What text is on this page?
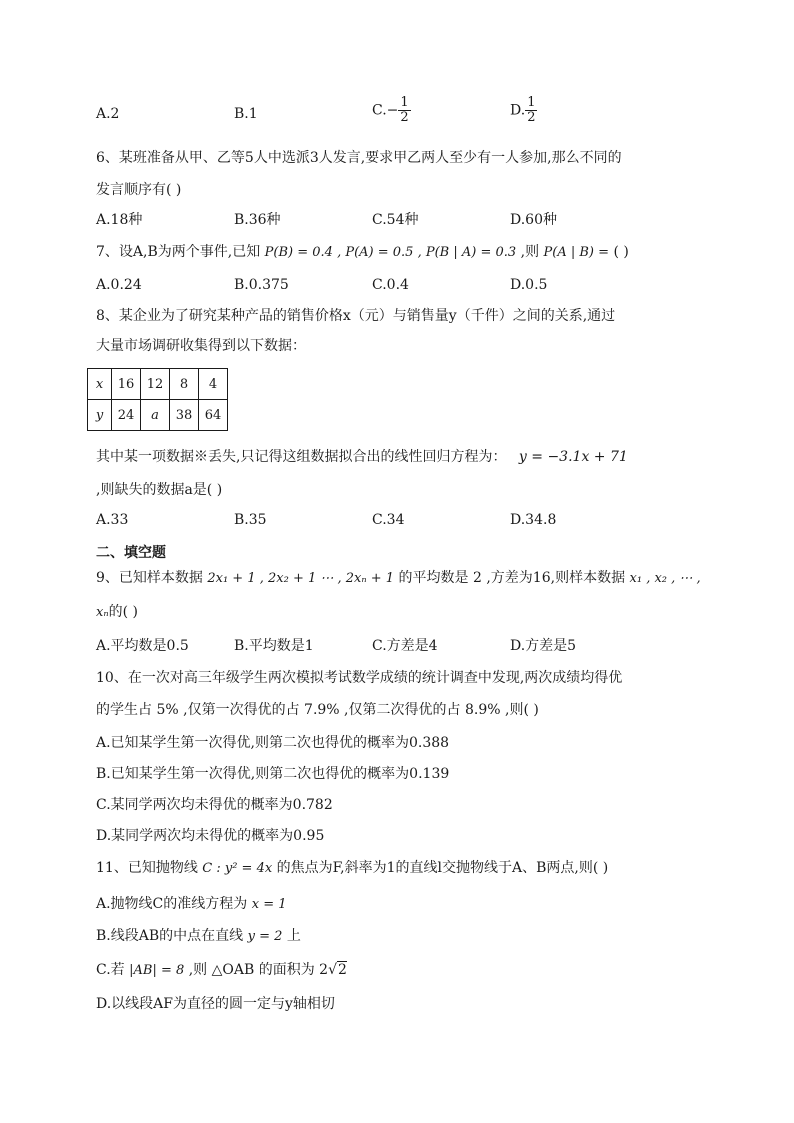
A.2	B.1	$C.- \frac{1}{2}$	D. $\frac{1}{2}$
6、某班准备从甲、乙等5人中选派3人发言,要求甲乙两人至少有一人参加,那么不同的
发言顺序有( )
A.18种	B.36种	C.54种	D.60种
7、设A,B为两个事件,已知 P(B) = 0.4 , P(A) = 0.5 , P(B | A) = 0.3 ,则 P(A | B) = ( )
A.0.24	B.0.375	C.0.4	D.0.5
8、某企业为了研究某种产品的销售价格x（元）与销售量y（千件）之间的关系,通过
大量市场调研收集得到以下数据：
x	16	12	8	4
y	24	a	38	64
其中某一项数据※丢失,只记得这组数据拟合出的线性回归方程为： y = −3.1x + 71
,则缺失的数据a是( )
A.33	B.35	C.34	D.34.8
二、填空题
9、已知样本数据 2x₁ + 1 , 2x₂ + 1 ⋯ , 2xₙ + 1 的平均数是 2 ,方差为16,则样本数据 x₁ , x₂ , ⋯ ,
xₙ的( )
A.平均数是0.5	B.平均数是1	C.方差是4	D.方差是5
10、在一次对高三年级学生两次模拟考试数学成绩的统计调查中发现,两次成绩均得优
的学生占 5% ,仅第一次得优的占 7.9% ,仅第二次得优的占 8.9% ,则( )
A.已知某学生第一次得优,则第二次也得优的概率为0.388
B.已知某学生第一次得优,则第二次也得优的概率为0.139
C.某同学两次均未得优的概率为0.782
D.某同学两次均未得优的概率为0.95
11、已知抛物线 C : y² = 4x 的焦点为F,斜率为1的直线l交抛物线于A、B两点,则( )
A.抛物线C的准线方程为 x = 1
B.线段AB的中点在直线 y = 2 上
C.若 |AB| = 8 ,则 △OAB 的面积为 2√2
D.以线段AF为直径的圆一定与y轴相切
